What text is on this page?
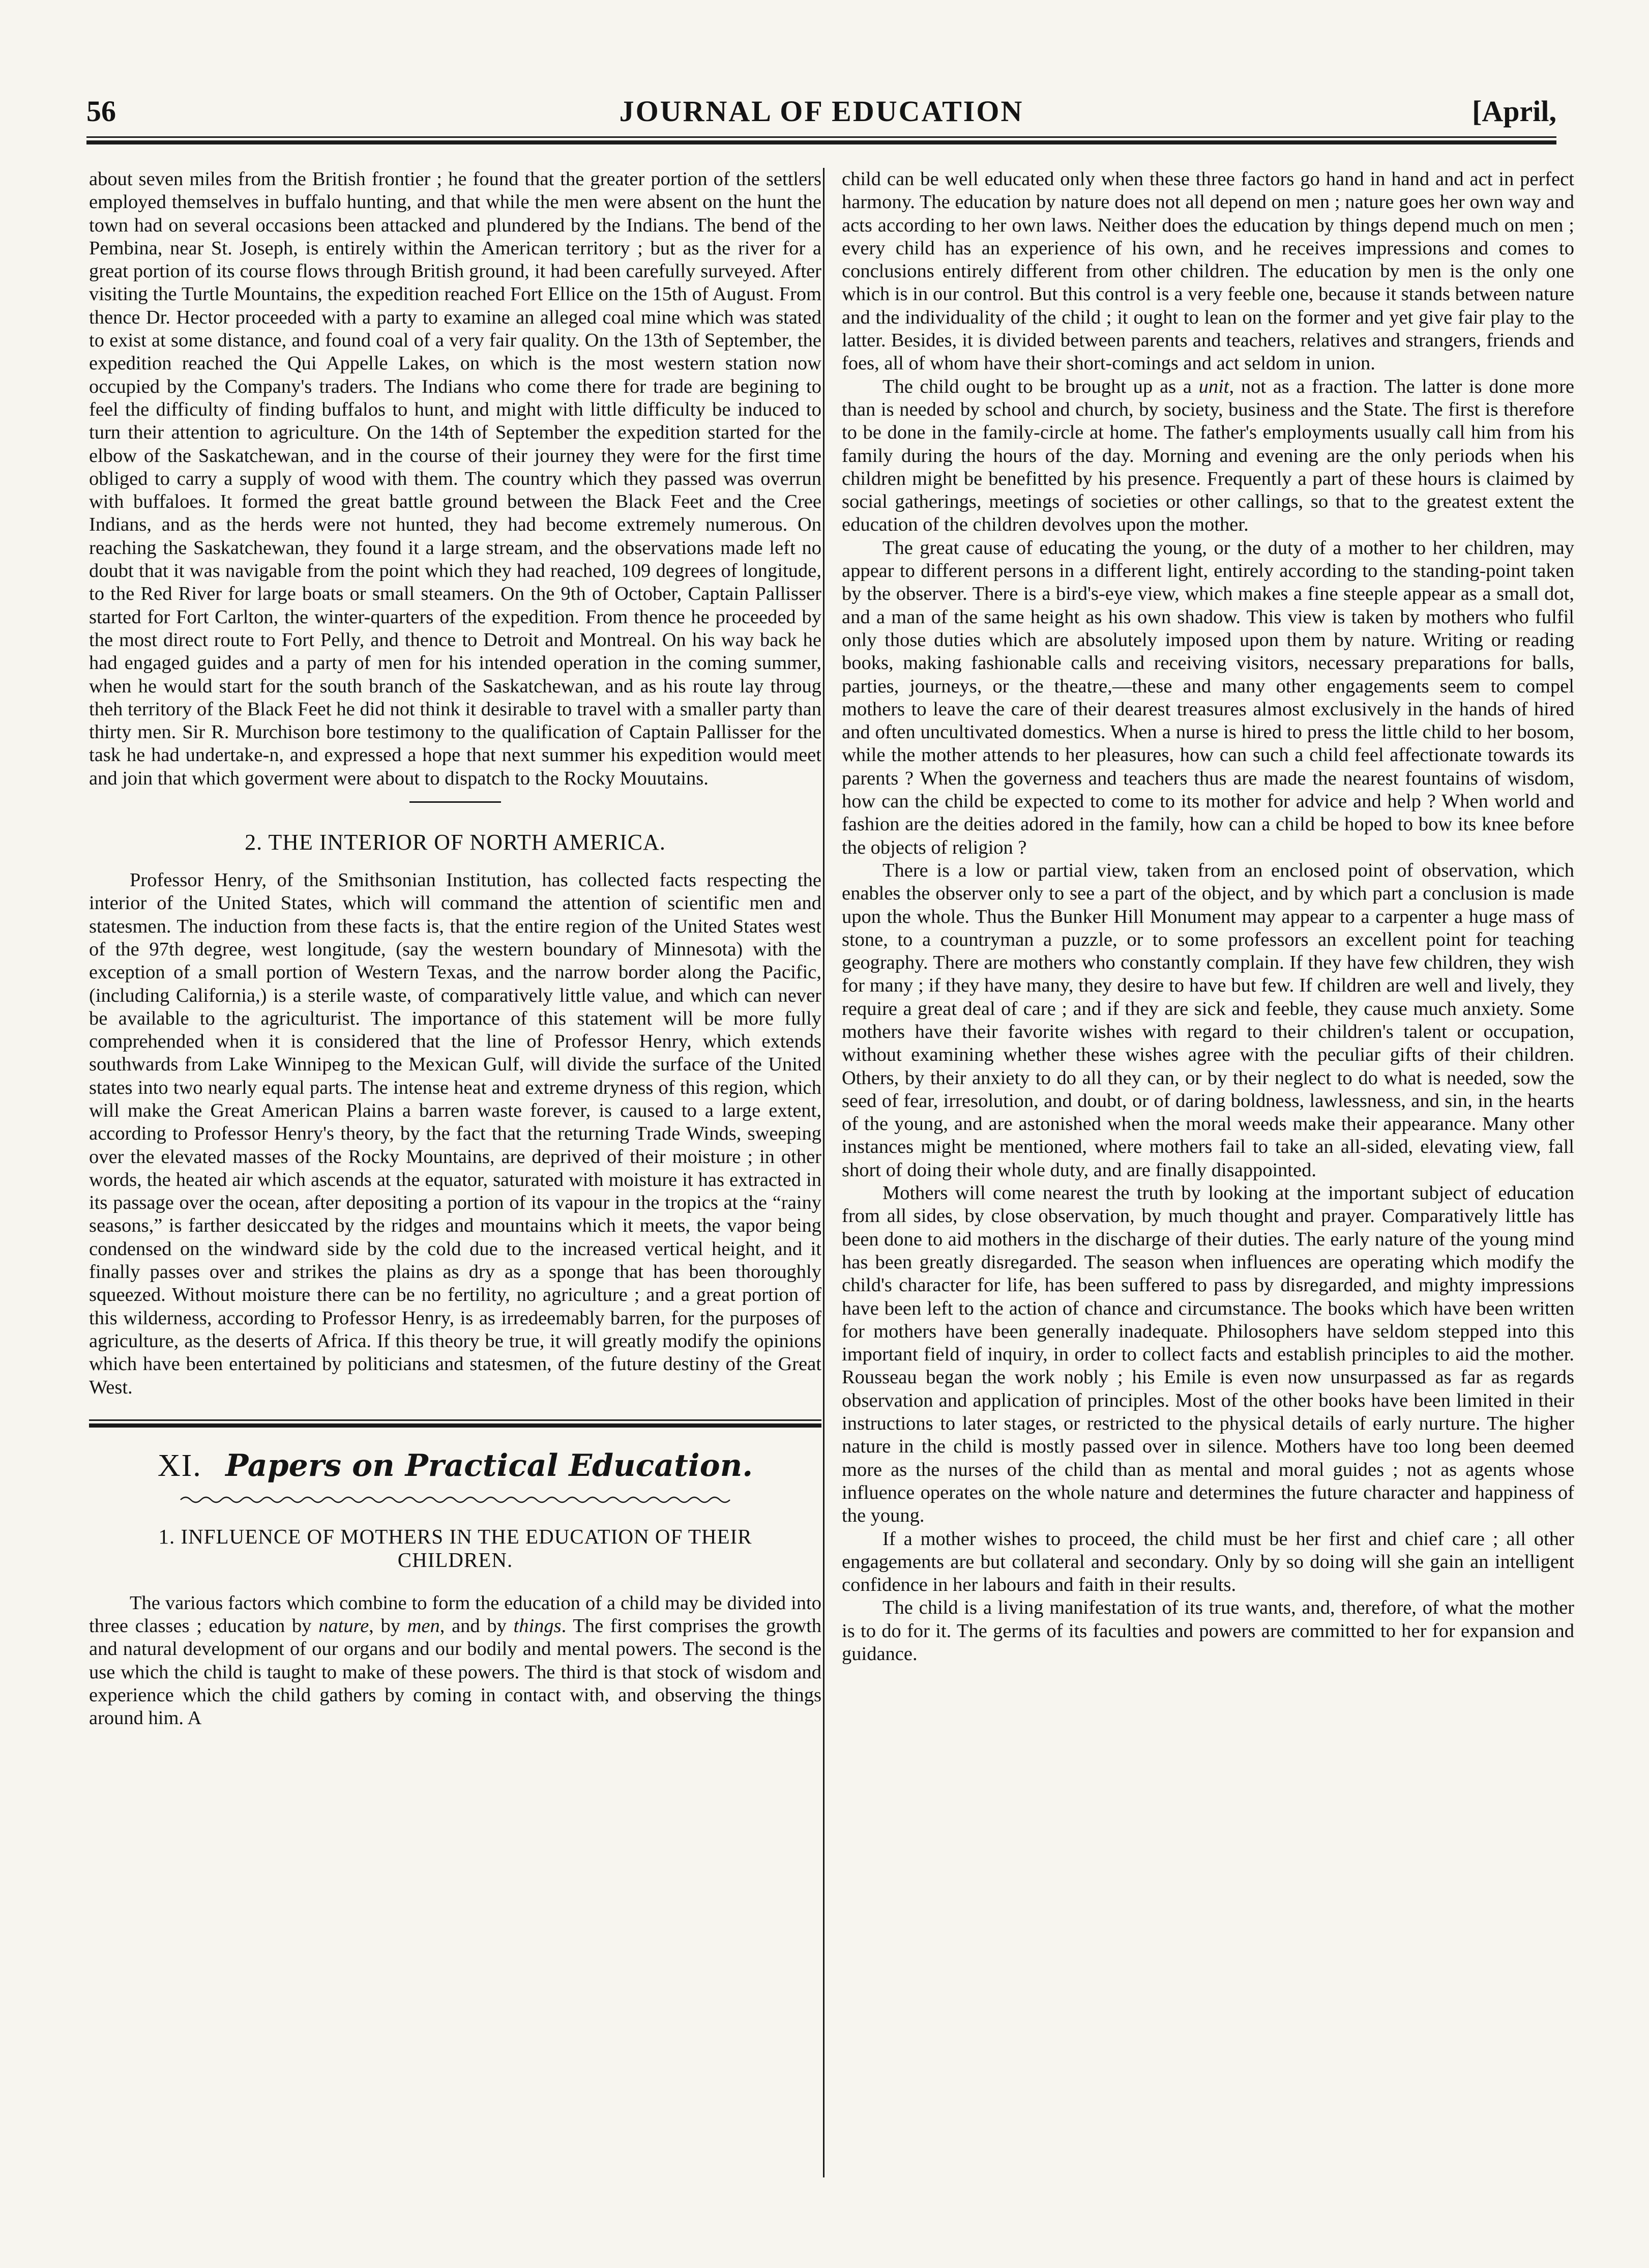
56	JOURNAL OF EDUCATION	[April,

about seven miles from the British frontier ; he found that the greater portion of the settlers employed themselves in buffalo hunting, and that while the men were absent on the hunt the town had on several occasions been attacked and plundered by the Indians. The bend of the Pembina, near St. Joseph, is entirely within the American territory ; but as the river for a great portion of its course flows through British ground, it had been carefully surveyed. After visiting the Turtle Mountains, the expedition reached Fort Ellice on the 15th of August. From thence Dr. Hector proceeded with a party to examine an alleged coal mine which was stated to exist at some distance, and found coal of a very fair quality. On the 13th of September, the expedition reached the Qui Appelle Lakes, on which is the most western station now occupied by the Company's traders. The Indians who come there for trade are begining to feel the difficulty of finding buffalos to hunt, and might with little difficulty be induced to turn their attention to agriculture. On the 14th of September the expedition started for the elbow of the Saskatchewan, and in the course of their journey they were for the first time obliged to carry a supply of wood with them. The country which they passed was overrun with buffaloes. It formed the great battle ground between the Black Feet and the Cree Indians, and as the herds were not hunted, they had become extremely numerous. On reaching the Saskatchewan, they found it a large stream, and the observations made left no doubt that it was navigable from the point which they had reached, 109 degrees of longitude, to the Red River for large boats or small steamers. On the 9th of October, Captain Pallisser started for Fort Carlton, the winter-quarters of the expedition. From thence he proceeded by the most direct route to Fort Pelly, and thence to Detroit and Montreal. On his way back he had engaged guides and a party of men for his intended operation in the coming summer, when he would start for the south branch of the Saskatchewan, and as his route lay throug theh territory of the Black Feet he did not think it desirable to travel with a smaller party than thirty men. Sir R. Murchison bore testimony to the qualification of Captain Pallisser for the task he had undertake-n, and expressed a hope that next summer his expedition would meet and join that which goverment were about to dispatch to the Rocky Mouutains.

2. THE INTERIOR OF NORTH AMERICA.

Professor Henry, of the Smithsonian Institution, has collected facts respecting the interior of the United States, which will command the attention of scientific men and statesmen. The induction from these facts is, that the entire region of the United States west of the 97th degree, west longitude, (say the western boundary of Minnesota) with the exception of a small portion of Western Texas, and the narrow border along the Pacific, (including California,) is a sterile waste, of comparatively little value, and which can never be available to the agriculturist. The importance of this statement will be more fully comprehended when it is considered that the line of Professor Henry, which extends southwards from Lake Winnipeg to the Mexican Gulf, will divide the surface of the United states into two nearly equal parts. The intense heat and extreme dryness of this region, which will make the Great American Plains a barren waste forever, is caused to a large extent, according to Professor Henry's theory, by the fact that the returning Trade Winds, sweeping over the elevated masses of the Rocky Mountains, are deprived of their moisture ; in other words, the heated air which ascends at the equator, saturated with moisture it has extracted in its passage over the ocean, after depositing a portion of its vapour in the tropics at the “rainy seasons,” is farther desiccated by the ridges and mountains which it meets, the vapor being condensed on the windward side by the cold due to the increased vertical height, and it finally passes over and strikes the plains as dry as a sponge that has been thoroughly squeezed. Without moisture there can be no fertility, no agriculture ; and a great portion of this wilderness, according to Professor Henry, is as irredeemably barren, for the purposes of agriculture, as the deserts of Africa. If this theory be true, it will greatly modify the opinions which have been entertained by politicians and statesmen, of the future destiny of the Great West.

XI. Papers on Practical Education.
1. INFLUENCE OF MOTHERS IN THE EDUCATION OF THEIR CHILDREN.

The various factors which combine to form the education of a child may be divided into three classes ; education by nature, by men, and by things. The first comprises the growth and natural development of our organs and our bodily and mental powers. The second is the use which the child is taught to make of these powers. The third is that stock of wisdom and experience which the child gathers by coming in contact with, and observing the things around him. A

child can be well educated only when these three factors go hand in hand and act in perfect harmony. The education by nature does not all depend on men ; nature goes her own way and acts according to her own laws. Neither does the education by things depend much on men ; every child has an experience of his own, and he receives impressions and comes to conclusions entirely different from other children. The education by men is the only one which is in our control. But this control is a very feeble one, because it stands between nature and the individuality of the child ; it ought to lean on the former and yet give fair play to the latter. Besides, it is divided between parents and teachers, relatives and strangers, friends and foes, all of whom have their short-comings and act seldom in union.

The child ought to be brought up as a unit, not as a fraction. The latter is done more than is needed by school and church, by society, business and the State. The first is therefore to be done in the family-circle at home. The father's employments usually call him from his family during the hours of the day. Morning and evening are the only periods when his children might be benefitted by his presence. Frequently a part of these hours is claimed by social gatherings, meetings of societies or other callings, so that to the greatest extent the education of the children devolves upon the mother.

The great cause of educating the young, or the duty of a mother to her children, may appear to different persons in a different light, entirely according to the standing-point taken by the observer. There is a bird's-eye view, which makes a fine steeple appear as a small dot, and a man of the same height as his own shadow. This view is taken by mothers who fulfil only those duties which are absolutely imposed upon them by nature. Writing or reading books, making fashionable calls and receiving visitors, necessary preparations for balls, parties, journeys, or the theatre,—these and many other engagements seem to compel mothers to leave the care of their dearest treasures almost exclusively in the hands of hired and often uncultivated domestics. When a nurse is hired to press the little child to her bosom, while the mother attends to her pleasures, how can such a child feel affectionate towards its parents ? When the governess and teachers thus are made the nearest fountains of wisdom, how can the child be expected to come to its mother for advice and help ? When world and fashion are the deities adored in the family, how can a child be hoped to bow its knee before the objects of religion ?

There is a low or partial view, taken from an enclosed point of observation, which enables the observer only to see a part of the object, and by which part a conclusion is made upon the whole. Thus the Bunker Hill Monument may appear to a carpenter a huge mass of stone, to a countryman a puzzle, or to some professors an excellent point for teaching geography. There are mothers who constantly complain. If they have few children, they wish for many ; if they have many, they desire to have but few. If children are well and lively, they require a great deal of care ; and if they are sick and feeble, they cause much anxiety. Some mothers have their favorite wishes with regard to their children's talent or occupation, without examining whether these wishes agree with the peculiar gifts of their children. Others, by their anxiety to do all they can, or by their neglect to do what is needed, sow the seed of fear, irresolution, and doubt, or of daring boldness, lawlessness, and sin, in the hearts of the young, and are astonished when the moral weeds make their appearance. Many other instances might be mentioned, where mothers fail to take an all-sided, elevating view, fall short of doing their whole duty, and are finally disappointed.

Mothers will come nearest the truth by looking at the important subject of education from all sides, by close observation, by much thought and prayer. Comparatively little has been done to aid mothers in the discharge of their duties. The early nature of the young mind has been greatly disregarded. The season when influences are operating which modify the child's character for life, has been suffered to pass by disregarded, and mighty impressions have been left to the action of chance and circumstance. The books which have been written for mothers have been generally inadequate. Philosophers have seldom stepped into this important field of inquiry, in order to collect facts and establish principles to aid the mother. Rousseau began the work nobly ; his Emile is even now unsurpassed as far as regards observation and application of principles. Most of the other books have been limited in their instructions to later stages, or restricted to the physical details of early nurture. The higher nature in the child is mostly passed over in silence. Mothers have too long been deemed more as the nurses of the child than as mental and moral guides ; not as agents whose influence operates on the whole nature and determines the future character and happiness of the young.

If a mother wishes to proceed, the child must be her first and chief care ; all other engagements are but collateral and secondary. Only by so doing will she gain an intelligent confidence in her labours and faith in their results.

The child is a living manifestation of its true wants, and, therefore, of what the mother is to do for it. The germs of its faculties and powers are committed to her for expansion and guidance.
